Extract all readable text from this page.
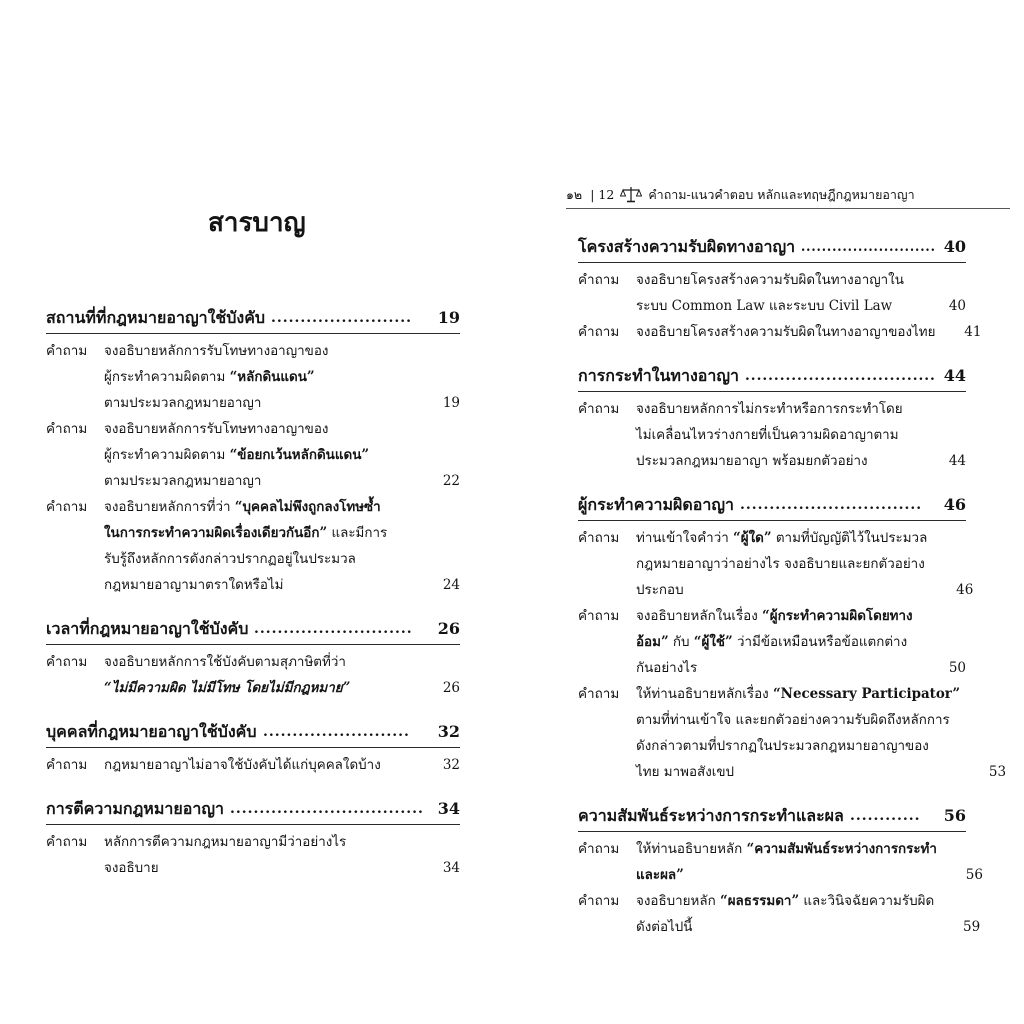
สารบาญ
สถานที่ที่กฎหมายอาญาใช้บังคับ ........................ 19
คำถาม	จงอธิบายหลักการรับโทษทางอาญาของ
ผู้กระทำความผิดตาม “หลักดินแดน”
ตามประมวลกฎหมายอาญา	19
คำถาม	จงอธิบายหลักการรับโทษทางอาญาของ
ผู้กระทำความผิดตาม “ข้อยกเว้นหลักดินแดน”
ตามประมวลกฎหมายอาญา	22
คำถาม	จงอธิบายหลักการที่ว่า “บุคคลไม่พึงถูกลงโทษซ้ำ
ในการกระทำความผิดเรื่องเดียวกันอีก” และมีการ
รับรู้ถึงหลักการดังกล่าวปรากฏอยู่ในประมวล
กฎหมายอาญามาตราใดหรือไม่	24
เวลาที่กฎหมายอาญาใช้บังคับ ........................... 26
คำถาม	จงอธิบายหลักการใช้บังคับตามสุภาษิตที่ว่า
“ไม่มีความผิด ไม่มีโทษ โดยไม่มีกฎหมาย”	26
บุคคลที่กฎหมายอาญาใช้บังคับ ......................... 32
คำถาม	กฎหมายอาญาไม่อาจใช้บังคับได้แก่บุคคลใดบ้าง	32
การตีความกฎหมายอาญา ................................. 34
คำถาม	หลักการตีความกฎหมายอาญามีว่าอย่างไร
จงอธิบาย	34
๑๒ | 12	คำถาม-แนวคำตอบ หลักและทฤษฎีกฎหมายอาญา
โครงสร้างความรับผิดทางอาญา .......................... 40
คำถาม	จงอธิบายโครงสร้างความรับผิดในทางอาญาใน
ระบบ Common Law และระบบ Civil Law	40
คำถาม	จงอธิบายโครงสร้างความรับผิดในทางอาญาของไทย	41
การกระทำในทางอาญา ................................. 44
คำถาม	จงอธิบายหลักการไม่กระทำหรือการกระทำโดย
ไม่เคลื่อนไหวร่างกายที่เป็นความผิดอาญาตาม
ประมวลกฎหมายอาญา พร้อมยกตัวอย่าง	44
ผู้กระทำความผิดอาญา ............................... 46
คำถาม	ท่านเข้าใจคำว่า “ผู้ใด” ตามที่บัญญัติไว้ในประมวล
กฎหมายอาญาว่าอย่างไร จงอธิบายและยกตัวอย่าง
ประกอบ	46
คำถาม	จงอธิบายหลักในเรื่อง “ผู้กระทำความผิดโดยทาง
อ้อม” กับ “ผู้ใช้” ว่ามีข้อเหมือนหรือข้อแตกต่าง
กันอย่างไร	50
คำถาม	ให้ท่านอธิบายหลักเรื่อง “Necessary Participator”
ตามที่ท่านเข้าใจ และยกตัวอย่างความรับผิดถึงหลักการ
ดังกล่าวตามที่ปรากฏในประมวลกฎหมายอาญาของ
ไทย มาพอสังเขป	53
ความสัมพันธ์ระหว่างการกระทำและผล ............ 56
คำถาม	ให้ท่านอธิบายหลัก “ความสัมพันธ์ระหว่างการกระทำ
และผล”	56
คำถาม	จงอธิบายหลัก “ผลธรรมดา” และวินิจฉัยความรับผิด
ดังต่อไปนี้	59
